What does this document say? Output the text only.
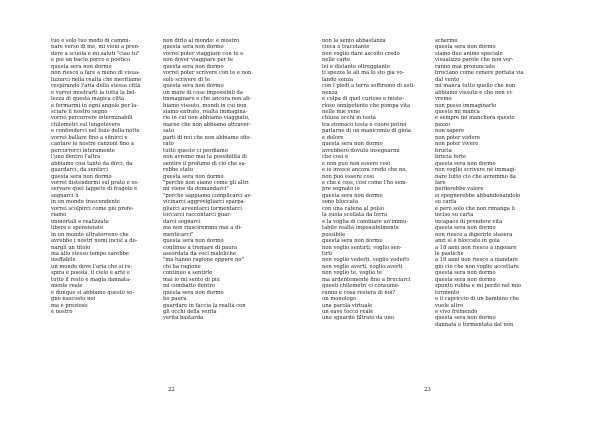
tuo e solo tuo modo di cammi-
nare verso di me, mi vieni a pren-
dere a scuola e mi saluti "ciao tu"
e poi un bacio porco e poetico
questa sera non dormo
non riesco a fare a meno di visua-
lizzarci nella realtà che meritiamo
respirando l'aria della stessa città
e vorrei mostrarti la tutta la bel-
lezza di questa magica città
e fermarmi in ogni angolo per la-
sciare il nostro segno
vorrei percorrere interminabili
chilometri sul lungotevere
e confonderci nel buio della notte
vorrei ballare fino a sfinirci e
cantare le nostre canzoni fino a
percorrerci interamente
l'uno dentro l'altra
abbiamo così tanto da dirci, da
guardarci, da sentirci
questa sera non dormo
vorrei distendermi sul prato e os-
servare quel tappeto di fragole e
sognarci lì
in un mondo trascendente
vorrei scolpirci come più prefe-
riamo
immortali e realizzate
libere e spensierate
in un mondo ultraterreno che
avrebbe i nostri nomi incisi a do-
nargli un titolo
ma allo stesso tempo sarebbe
ineffabile
un mondo dove l'aria che si re-
spira è poesia, il cielo è arte e
tutto il resto è magia dannata-
mente reale
e dunque si abbiamo questo so-
gno nascosto noi
ma è prezioso
è nostro
non dirlo al mondo: è mostro
questa sera non dormo
vorrei poter viaggiare con te e
non dover viaggiare per te
questa sera non dormo
vorrei poter scrivere con te e non
solo scrivere di te
questa sera non dormo
un mare di cose impossibili da
immaginare e che ancora non ab-
biamo vissuto, mondi in cui non
siamo entrate, realtà immagina-
rie in cui non abbiamo viaggiato,
maree che non abbiamo attraver-
sato
parti di noi che non abbiamo sfio-
rato
tutto questo ci perdiamo
non avremo mai la possibilità di
sentire il profumo di ciò che sa-
rebbe stato
questa sera non dormo
"perché non siamo come gli altri
mi viene da domandarci"
"perché sappiamo complicarci av-
vicinarci aggrovigliarci sparpa-
gliarci avventarci tormentarci
toccarci raccontarci guar-
darci sognarci
ma non riusciremmo mai a di-
menticarci"
questa sera non dormo
continuo a tremare di paura
assordata da voci maleliche
"ma hanno ragione oppure no"
chi ha ragione
continuo a sentirle
mai io mi sento di più
mi combatto dentro
questa sera non dormo
ho paura
guardare in faccia la realtà con
gli occhi della verità
verità bastarda
non la sento abbastanza
cieca o tracotante
non voglio dare ascolto credo
nelle carte
lei è distante oltreggiante
ti spezza le ali ma io sto già vo-
lando senza
con i piedi a terra soffiremo di asti-
nenza
è colpa di quel curioso e miste-
rioso onnipotente che pompa vita
nelle mie vene
chiusa occhi in testa
tra stomaco testa e cuore potrei
parlarne di un manicomio di gioia
e dolore
questa sera non dormo
avrebbero dovuto insegnarmi
che così è
e non può non essere così
e io invece ancora credo che no,
non può essere così
e che è così, così come l'ho sem-
pre sognato io
questa sera non dormo
sono bloccata
con una catena al polso
la suola scollata da terra
e la voglia di cambiare un'immu-
tabile realtà impossibilmente
possibile
questa sera non dormo
non voglio sentirti, voglio sen-
tirti
non voglio vederti, voglio vederti
non voglio averti, voglio averti
non voglio te, voglio te
ma ardentemente fino a bruciarci
questi chilometri ci consume-
ranno e cosa resterà di noi?
un monologo
una parola virtuale
un eave tocco reale
uno sguardo filtrato da uno
schermo
questa sera non dormo
siamo due anime speciale
visualizzo parole che non ver-
ranno mai pronunciate
bruciano come cenere portata via
dal vento
mi manca tutto quello che non
abbiamo vissuto e che non vi-
vremo
non posso immaginarlo
questo mi manca
e sempre mi mancherà questo
pezzo
non sapere
non poter vedere
non poter vivere
brucia
brucia forte
questa sera non dormo
non voglio scrivere né immagi-
nare tutto ciò che avremmo da
fare
perderebbe valore
si spegnerebbe abbandonandolo
su carta
è però solo che non rimanga lì
inciso su carta
incapace di prendere vita
questa sera non dormo
non riesco a digerirlo stasera
anzi si è bloccato in gola
a 18 anni non riesco a ingoiare
le pastiche
a 18 anni non riesco a mandare
giù ciò che non voglio accettare
questa sera non dormo
questa sera non dormo
spunto rubba e mi perdo nel mio
tormento
e il capriccio di un bambino che
vuole altro
e vivo fremendo
questa sera non dormo
dannata e tormentata dal non
22	23
